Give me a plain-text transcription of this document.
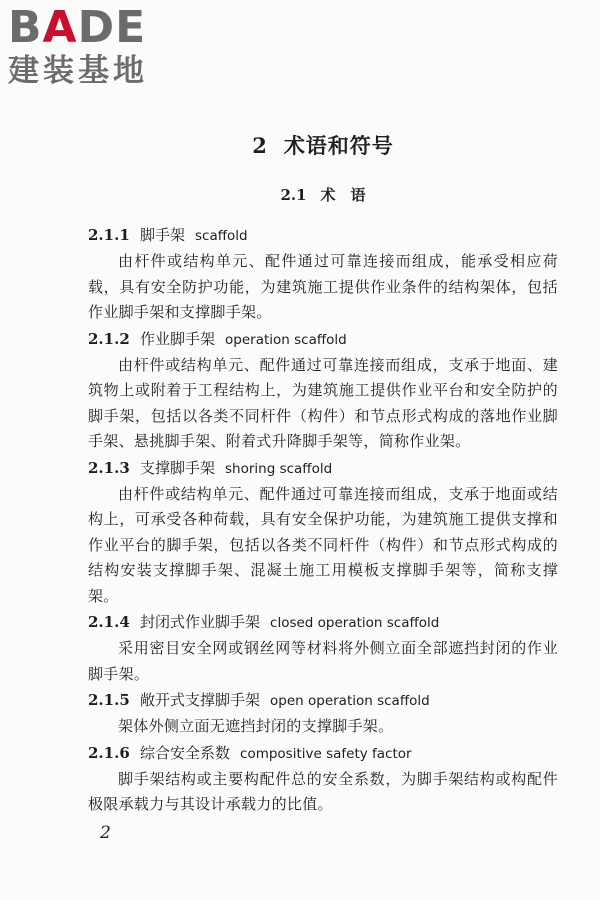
B A D E
建装基地
2 术语和符号
2.1 术　语
2.1.1 脚手架 scaffold

由杆件或结构单元、配件通过可靠连接而组成，能承受相应荷载，具有安全防护功能，为建筑施工提供作业条件的结构架体，包括作业脚手架和支撑脚手架。

2.1.2 作业脚手架 operation scaffold

由杆件或结构单元、配件通过可靠连接而组成，支承于地面、建筑物上或附着于工程结构上，为建筑施工提供作业平台和安全防护的脚手架，包括以各类不同杆件（构件）和节点形式构成的落地作业脚手架、悬挑脚手架、附着式升降脚手架等，简称作业架。

2.1.3 支撑脚手架 shoring scaffold

由杆件或结构单元、配件通过可靠连接而组成，支承于地面或结构上，可承受各种荷载，具有安全保护功能，为建筑施工提供支撑和作业平台的脚手架，包括以各类不同杆件（构件）和节点形式构成的结构安装支撑脚手架、混凝土施工用模板支撑脚手架等，简称支撑架。

2.1.4 封闭式作业脚手架 closed operation scaffold

采用密目安全网或钢丝网等材料将外侧立面全部遮挡封闭的作业脚手架。

2.1.5 敞开式支撑脚手架 open operation scaffold

架体外侧立面无遮挡封闭的支撑脚手架。

2.1.6 综合安全系数 compositive safety factor

脚手架结构或主要构配件总的安全系数，为脚手架结构或构配件极限承载力与其设计承载力的比值。

2
